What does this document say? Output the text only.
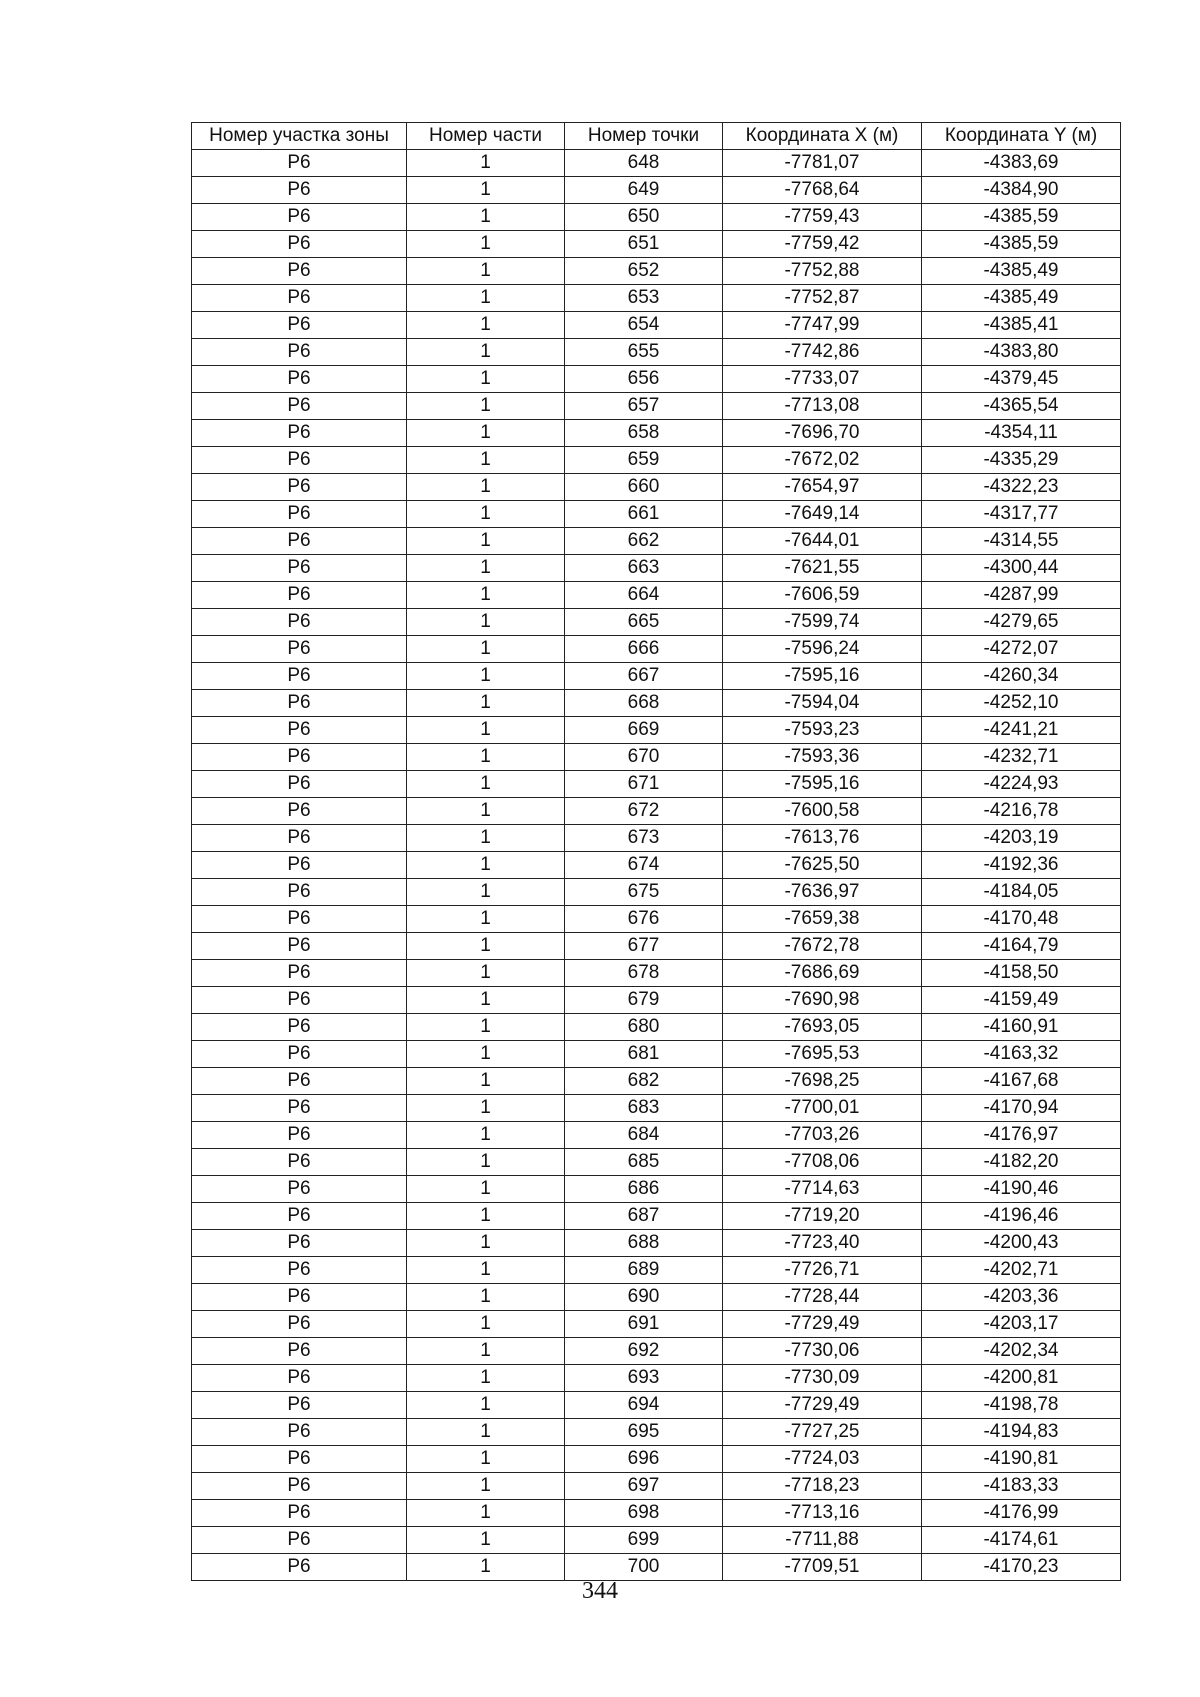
Номер участка зоны	Номер части	Номер точки	Координата X (м)	Координата Y (м)
Р6	1	648	-7781,07	-4383,69
Р6	1	649	-7768,64	-4384,90
Р6	1	650	-7759,43	-4385,59
Р6	1	651	-7759,42	-4385,59
Р6	1	652	-7752,88	-4385,49
Р6	1	653	-7752,87	-4385,49
Р6	1	654	-7747,99	-4385,41
Р6	1	655	-7742,86	-4383,80
Р6	1	656	-7733,07	-4379,45
Р6	1	657	-7713,08	-4365,54
Р6	1	658	-7696,70	-4354,11
Р6	1	659	-7672,02	-4335,29
Р6	1	660	-7654,97	-4322,23
Р6	1	661	-7649,14	-4317,77
Р6	1	662	-7644,01	-4314,55
Р6	1	663	-7621,55	-4300,44
Р6	1	664	-7606,59	-4287,99
Р6	1	665	-7599,74	-4279,65
Р6	1	666	-7596,24	-4272,07
Р6	1	667	-7595,16	-4260,34
Р6	1	668	-7594,04	-4252,10
Р6	1	669	-7593,23	-4241,21
Р6	1	670	-7593,36	-4232,71
Р6	1	671	-7595,16	-4224,93
Р6	1	672	-7600,58	-4216,78
Р6	1	673	-7613,76	-4203,19
Р6	1	674	-7625,50	-4192,36
Р6	1	675	-7636,97	-4184,05
Р6	1	676	-7659,38	-4170,48
Р6	1	677	-7672,78	-4164,79
Р6	1	678	-7686,69	-4158,50
Р6	1	679	-7690,98	-4159,49
Р6	1	680	-7693,05	-4160,91
Р6	1	681	-7695,53	-4163,32
Р6	1	682	-7698,25	-4167,68
Р6	1	683	-7700,01	-4170,94
Р6	1	684	-7703,26	-4176,97
Р6	1	685	-7708,06	-4182,20
Р6	1	686	-7714,63	-4190,46
Р6	1	687	-7719,20	-4196,46
Р6	1	688	-7723,40	-4200,43
Р6	1	689	-7726,71	-4202,71
Р6	1	690	-7728,44	-4203,36
Р6	1	691	-7729,49	-4203,17
Р6	1	692	-7730,06	-4202,34
Р6	1	693	-7730,09	-4200,81
Р6	1	694	-7729,49	-4198,78
Р6	1	695	-7727,25	-4194,83
Р6	1	696	-7724,03	-4190,81
Р6	1	697	-7718,23	-4183,33
Р6	1	698	-7713,16	-4176,99
Р6	1	699	-7711,88	-4174,61
Р6	1	700	-7709,51	-4170,23
344
